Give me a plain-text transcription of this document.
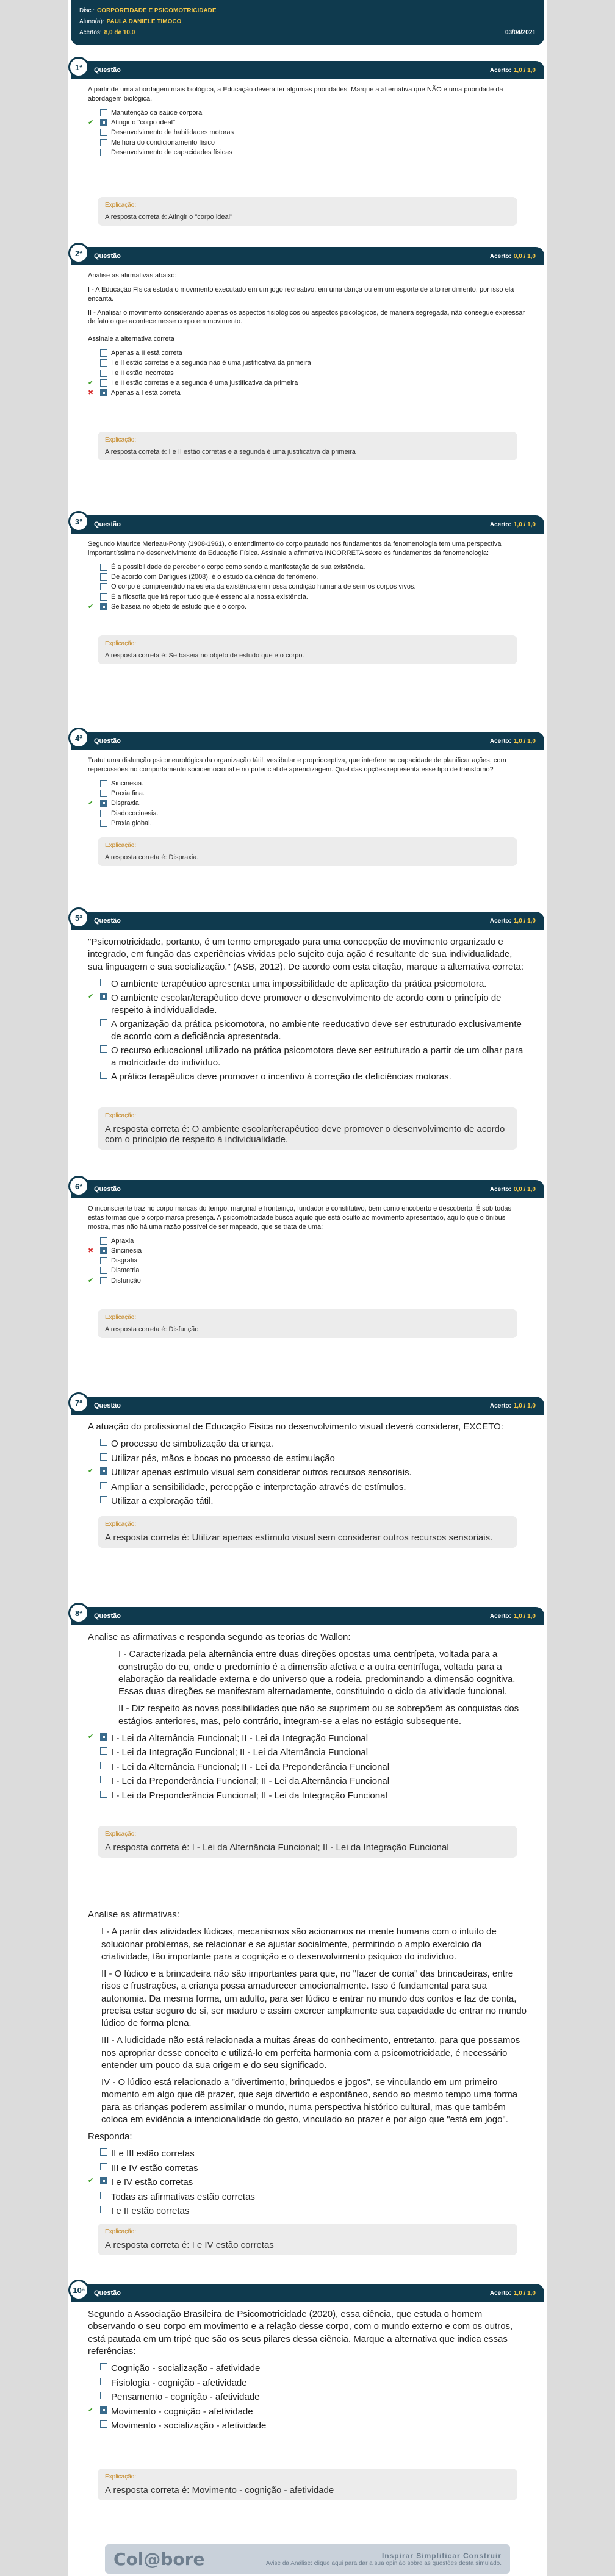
Disc.: CORPOREIDADE E PSICOMOTRICIDADE
Aluno(a): PAULA DANIELE TIMOCO
Acertos: 8,0 de 10,0	03/04/2021
1ª	Questão	Acerto: 1,0 / 1,0

A partir de uma abordagem mais biológica, a Educação deverá ter algumas prioridades. Marque a alternativa que NÃO é uma prioridade da abordagem biológica.

Manutenção da saúde corporal
✔	Atingir o "corpo ideal"
Desenvolvimento de habilidades motoras
Melhora do condicionamento físico
Desenvolvimento de capacidades físicas
Explicação:
A resposta correta é: Atingir o "corpo ideal"
2ª	Questão	Acerto: 0,0 / 1,0

Analise as afirmativas abaixo:

I - A Educação Física estuda o movimento executado em um jogo recreativo, em uma dança ou em um esporte de alto rendimento, por isso ela encanta.

II - Analisar o movimento considerando apenas os aspectos fisiológicos ou aspectos psicológicos, de maneira segregada, não consegue expressar de fato o que acontece nesse corpo em movimento.

Assinale a alternativa correta

Apenas a II está correta
I e II estão corretas e a segunda não é uma justificativa da primeira
I e II estão incorretas
✔	I e II estão corretas e a segunda é uma justificativa da primeira
✖	Apenas a I está correta
Explicação:
A resposta correta é: I e II estão corretas e a segunda é uma justificativa da primeira
3ª	Questão	Acerto: 1,0 / 1,0

Segundo Maurice Merleau-Ponty (1908-1961), o entendimento do corpo pautado nos fundamentos da fenomenologia tem uma perspectiva importantíssima no desenvolvimento da Educação Física. Assinale a afirmativa INCORRETA sobre os fundamentos da fenomenologia:

É a possibilidade de perceber o corpo como sendo a manifestação de sua existência.
De acordo com Darligues (2008), é o estudo da ciência do fenômeno.
O corpo é compreendido na esfera da existência em nossa condição humana de sermos corpos vivos.
É a filosofia que irá repor tudo que é essencial a nossa existência.
✔	Se baseia no objeto de estudo que é o corpo.
Explicação:
A resposta correta é: Se baseia no objeto de estudo que é o corpo.
4ª	Questão	Acerto: 1,0 / 1,0

Tratut uma disfunção psiconeurológica da organização tátil, vestibular e proprioceptiva, que interfere na capacidade de planificar ações, com repercussões no comportamento socioemocional e no potencial de aprendizagem. Qual das opções representa esse tipo de transtorno?

Sincinesia.
Praxia fina.
✔	Dispraxia.
Diadococinesia.
Praxia global.
Explicação:
A resposta correta é: Dispraxia.
5ª	Questão	Acerto: 1,0 / 1,0

"Psicomotricidade, portanto, é um termo empregado para uma concepção de movimento organizado e integrado, em função das experiências vividas pelo sujeito cuja ação é resultante de sua individualidade, sua linguagem e sua socialização." (ASB, 2012). De acordo com esta citação, marque a alternativa correta:

O ambiente terapêutico apresenta uma impossibilidade de aplicação da prática psicomotora.
✔	O ambiente escolar/terapêutico deve promover o desenvolvimento de acordo com o princípio de respeito à individualidade.
A organização da prática psicomotora, no ambiente reeducativo deve ser estruturado exclusivamente de acordo com a deficiência apresentada.
O recurso educacional utilizado na prática psicomotora deve ser estruturado a partir de um olhar para a motricidade do indivíduo.
A prática terapêutica deve promover o incentivo à correção de deficiências motoras.
Explicação:
A resposta correta é: O ambiente escolar/terapêutico deve promover o desenvolvimento de acordo com o princípio de respeito à individualidade.
6ª	Questão	Acerto: 0,0 / 1,0

O inconsciente traz no corpo marcas do tempo, marginal e fronteiriço, fundador e constitutivo, bem como encoberto e descoberto. É sob todas estas formas que o corpo marca presença. A psicomotricidade busca aquilo que está oculto ao movimento apresentado, aquilo que o ônibus mostra, mas não há uma razão possível de ser mapeado, que se trata de uma:

Apraxia
✖	Sincinesia
Disgrafia
Dismetria
✔	Disfunção
Explicação:
A resposta correta é: Disfunção
7ª	Questão	Acerto: 1,0 / 1,0

A atuação do profissional de Educação Física no desenvolvimento visual deverá considerar, EXCETO:

O processo de simbolização da criança.
Utilizar pés, mãos e bocas no processo de estimulação
✔	Utilizar apenas estímulo visual sem considerar outros recursos sensoriais.
Ampliar a sensibilidade, percepção e interpretação através de estímulos.
Utilizar a exploração tátil.
Explicação:
A resposta correta é: Utilizar apenas estímulo visual sem considerar outros recursos sensoriais.
8ª	Questão	Acerto: 1,0 / 1,0

Analise as afirmativas e responda segundo as teorias de Wallon:

I - Caracterizada pela alternância entre duas direções opostas uma centrípeta, voltada para a construção do eu, onde o predomínio é a dimensão afetiva e a outra centrífuga, voltada para a elaboração da realidade externa e do universo que a rodeia, predominando a dimensão cognitiva. Essas duas direções se manifestam alternadamente, constituindo o ciclo da atividade funcional.

II - Diz respeito às novas possibilidades que não se suprimem ou se sobrepõem às conquistas dos estágios anteriores, mas, pelo contrário, integram-se a elas no estágio subsequente.

✔	I - Lei da Alternância Funcional; II - Lei da Integração Funcional
I - Lei da Integração Funcional; II - Lei da Alternância Funcional
I - Lei da Alternância Funcional; II - Lei da Preponderância Funcional
I - Lei da Preponderância Funcional; II - Lei da Alternância Funcional
I - Lei da Preponderância Funcional; II - Lei da Integração Funcional
Explicação:
A resposta correta é: I - Lei da Alternância Funcional; II - Lei da Integração Funcional

Analise as afirmativas:

I - A partir das atividades lúdicas, mecanismos são acionamos na mente humana com o intuito de solucionar problemas, se relacionar e se ajustar socialmente, permitindo o amplo exercício da criatividade, tão importante para a cognição e o desenvolvimento psíquico do indivíduo.

II - O lúdico e a brincadeira não são importantes para que, no "fazer de conta" das brincadeiras, entre risos e frustrações, a criança possa amadurecer emocionalmente. Isso é fundamental para sua autonomia. Da mesma forma, um adulto, para ser lúdico e entrar no mundo dos contos e faz de conta, precisa estar seguro de si, ser maduro e assim exercer amplamente sua capacidade de entrar no mundo lúdico de forma plena.

III - A ludicidade não está relacionada a muitas áreas do conhecimento, entretanto, para que possamos nos apropriar desse conceito e utilizá-lo em perfeita harmonia com a psicomotricidade, é necessário entender um pouco da sua origem e do seu significado.

IV - O lúdico está relacionado a "divertimento, brinquedos e jogos", se vinculando em um primeiro momento em algo que dê prazer, que seja divertido e espontâneo, sendo ao mesmo tempo uma forma para as crianças poderem assimilar o mundo, numa perspectiva histórico cultural, mas que também coloca em evidência a intencionalidade do gesto, vinculado ao prazer e por algo que "está em jogo".

Responda:

II e III estão corretas
III e IV estão corretas
✔	I e IV estão corretas
Todas as afirmativas estão corretas
I e II estão corretas
Explicação:
A resposta correta é: I e IV estão corretas
10ª	Questão	Acerto: 1,0 / 1,0

Segundo a Associação Brasileira de Psicomotricidade (2020), essa ciência, que estuda o homem observando o seu corpo em movimento e a relação desse corpo, com o mundo externo e com os outros, está pautada em um tripé que são os seus pilares dessa ciência. Marque a alternativa que indica essas referências:

Cognição - socialização - afetividade
Fisiologia - cognição - afetividade
Pensamento - cognição - afetividade
✔	Movimento - cognição - afetividade
Movimento - socialização - afetividade
Explicação:
A resposta correta é: Movimento - cognição - afetividade
Col@bore	Inspirar Simplificar Construir
Avise da Análise: clique aqui para dar a sua opinião sobre as questões desta simulado.
